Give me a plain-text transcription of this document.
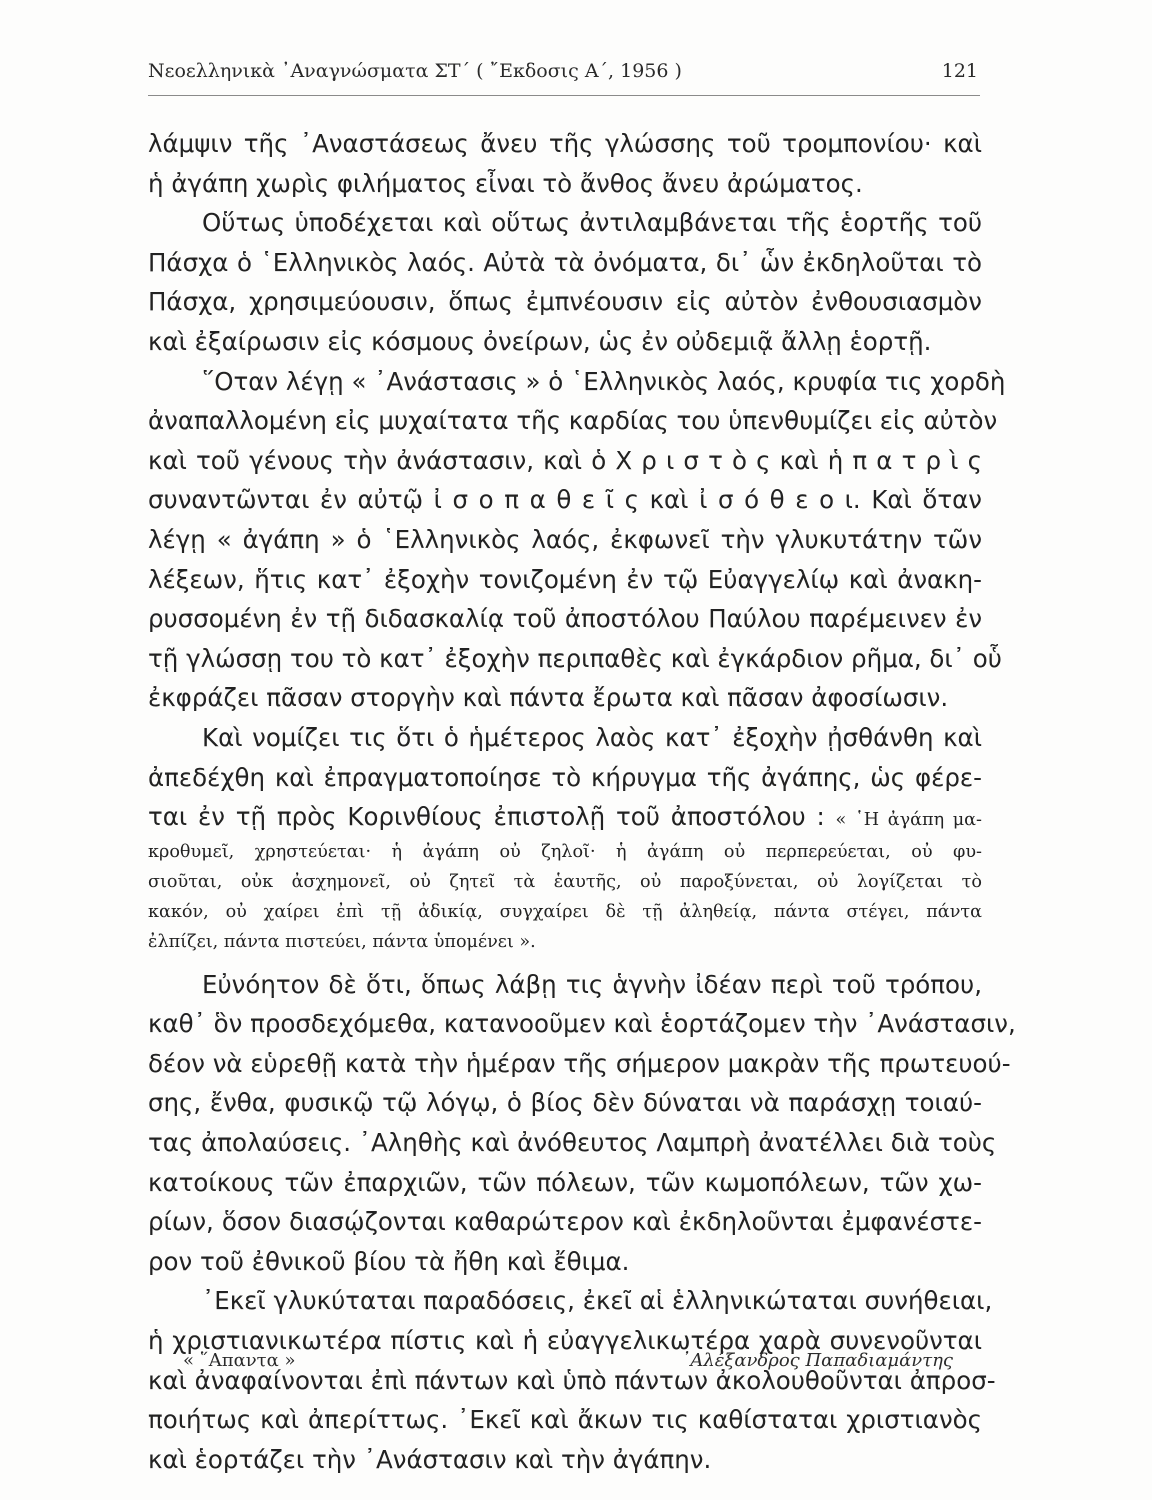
Νεοελληνικὰ ᾿Αναγνώσματα ΣΤ΄ ( ῎Εκδοσις Α΄, 1956 )	121
λάμψιν τῆς ᾿Αναστάσεως ἄνευ τῆς γλώσσης τοῦ τρομπονίου· καὶ
ἡ ἀγάπη χωρὶς φιλήματος εἶναι τὸ ἄνθος ἄνευ ἀρώματος.
Οὕτως ὑποδέχεται καὶ οὕτως ἀντιλαμβάνεται τῆς ἑορτῆς τοῦ
Πάσχα ὁ ῾Ελληνικὸς λαός. Αὐτὰ τὰ ὀνόματα, δι᾿ ὧν ἐκδηλοῦται τὸ
Πάσχα, χρησιμεύουσιν, ὅπως ἐμπνέουσιν εἰς αὐτὸν ἐνθουσιασμὸν
καὶ ἐξαίρωσιν εἰς κόσμους ὀνείρων, ὡς ἐν οὐδεμιᾷ ἄλλῃ ἑορτῇ.
῞Οταν λέγῃ « ᾿Ανάστασις » ὁ ῾Ελληνικὸς λαός, κρυφία τις χορδὴ
ἀναπαλλομένη εἰς μυχαίτατα τῆς καρδίας του ὑπενθυμίζει εἰς αὐτὸν
καὶ τοῦ γένους τὴν ἀνάστασιν, καὶ ὁ Χ ρ ι σ τ ὸ ς καὶ ἡ π α τ ρ ὶ ς
συναντῶνται ἐν αὐτῷ ἰ σ ο π α θ ε ῖ ς καὶ ἰ σ ό θ ε ο ι. Καὶ ὅταν
λέγῃ « ἀγάπη » ὁ ῾Ελληνικὸς λαός, ἐκφωνεῖ τὴν γλυκυτάτην τῶν
λέξεων, ἥτις κατ᾿ ἐξοχὴν τονιζομένη ἐν τῷ Εὐαγγελίῳ καὶ ἀνακη-
ρυσσομένη ἐν τῇ διδασκαλίᾳ τοῦ ἀποστόλου Παύλου παρέμεινεν ἐν
τῇ γλώσσῃ του τὸ κατ᾿ ἐξοχὴν περιπαθὲς καὶ ἐγκάρδιον ρῆμα, δι᾿ οὗ
ἐκφράζει πᾶσαν στοργὴν καὶ πάντα ἔρωτα καὶ πᾶσαν ἀφοσίωσιν.
Καὶ νομίζει τις ὅτι ὁ ἡμέτερος λαὸς κατ᾿ ἐξοχὴν ᾐσθάνθη καὶ
ἀπεδέχθη καὶ ἐπραγματοποίησε τὸ κήρυγμα τῆς ἀγάπης, ὡς φέρε-
ται ἐν τῇ πρὸς Κορινθίους ἐπιστολῇ τοῦ ἀποστόλου : « ῾Η ἀγάπη μα-
κροθυμεῖ, χρηστεύεται· ἡ ἀγάπη οὐ ζηλοῖ· ἡ ἀγάπη οὐ περπερεύεται, οὐ φυ-
σιοῦται, οὐκ ἀσχημονεῖ, οὐ ζητεῖ τὰ ἑαυτῆς, οὐ παροξύνεται, οὐ λογίζεται τὸ
κακόν, οὐ χαίρει ἐπὶ τῇ ἀδικίᾳ, συγχαίρει δὲ τῇ ἀληθείᾳ, πάντα στέγει, πάντα
ἐλπίζει, πάντα πιστεύει, πάντα ὑπομένει ».
Εὐνόητον δὲ ὅτι, ὅπως λάβῃ τις ἁγνὴν ἰδέαν περὶ τοῦ τρόπου,
καθ᾿ ὃν προσδεχόμεθα, κατανοοῦμεν καὶ ἑορτάζομεν τὴν ᾿Ανάστασιν,
δέον νὰ εὑρεθῇ κατὰ τὴν ἡμέραν τῆς σήμερον μακρὰν τῆς πρωτευού-
σης, ἔνθα, φυσικῷ τῷ λόγῳ, ὁ βίος δὲν δύναται νὰ παράσχῃ τοιαύ-
τας ἀπολαύσεις. ᾿Αληθὴς καὶ ἀνόθευτος Λαμπρὴ ἀνατέλλει διὰ τοὺς
κατοίκους τῶν ἐπαρχιῶν, τῶν πόλεων, τῶν κωμοπόλεων, τῶν χω-
ρίων, ὅσον διασῴζονται καθαρώτερον καὶ ἐκδηλοῦνται ἐμφανέστε-
ρον τοῦ ἐθνικοῦ βίου τὰ ἤθη καὶ ἔθιμα.
᾿Εκεῖ γλυκύταται παραδόσεις, ἐκεῖ αἱ ἑλληνικώταται συνήθειαι,
ἡ χριστιανικωτέρα πίστις καὶ ἡ εὐαγγελικωτέρα χαρὰ συνενοῦνται
καὶ ἀναφαίνονται ἐπὶ πάντων καὶ ὑπὸ πάντων ἀκολουθοῦνται ἀπροσ-
ποιήτως καὶ ἀπερίττως. ᾿Εκεῖ καὶ ἄκων τις καθίσταται χριστιανὸς
καὶ ἑορτάζει τὴν ᾿Ανάστασιν καὶ τὴν ἀγάπην.
« ῞Απαντα »	᾿Αλέξανδρος Παπαδιαμάντης
